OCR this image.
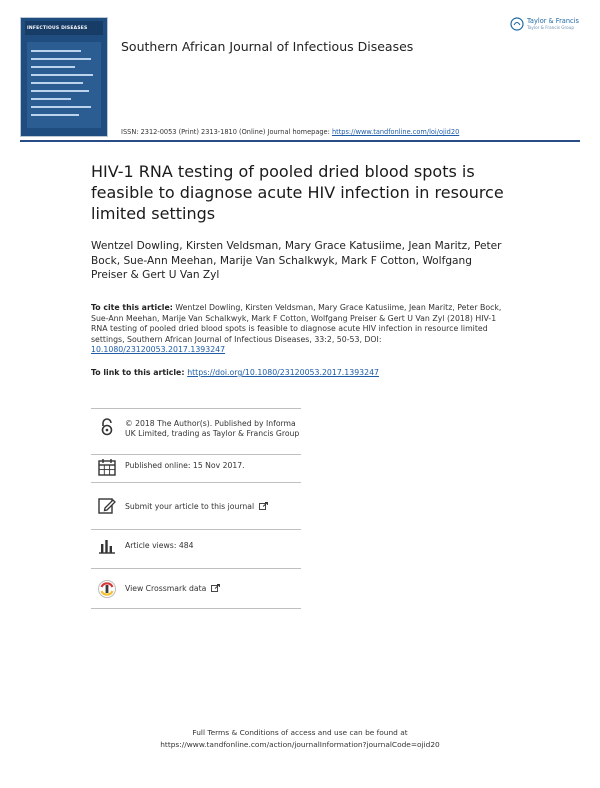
INFECTIOUS DISEASES
Southern African Journal of Infectious Diseases
Taylor & Francis
Taylor & Francis Group
ISSN: 2312-0053 (Print) 2313-1810 (Online) Journal homepage: https://www.tandfonline.com/loi/ojid20
HIV-1 RNA testing of pooled dried blood spots is feasible to diagnose acute HIV infection in resource limited settings
Wentzel Dowling, Kirsten Veldsman, Mary Grace Katusiime, Jean Maritz, Peter Bock, Sue-Ann Meehan, Marije Van Schalkwyk, Mark F Cotton, Wolfgang Preiser & Gert U Van Zyl
To cite this article: Wentzel Dowling, Kirsten Veldsman, Mary Grace Katusiime, Jean Maritz, Peter Bock, Sue-Ann Meehan, Marije Van Schalkwyk, Mark F Cotton, Wolfgang Preiser & Gert U Van Zyl (2018) HIV-1 RNA testing of pooled dried blood spots is feasible to diagnose acute HIV infection in resource limited settings, Southern African Journal of Infectious Diseases, 33:2, 50-53, DOI: 10.1080/23120053.2017.1393247
To link to this article: https://doi.org/10.1080/23120053.2017.1393247
© 2018 The Author(s). Published by Informa UK Limited, trading as Taylor & Francis Group
Published online: 15 Nov 2017.
Submit your article to this journal
Article views: 484
View Crossmark data
Full Terms & Conditions of access and use can be found at
https://www.tandfonline.com/action/journalInformation?journalCode=ojid20
